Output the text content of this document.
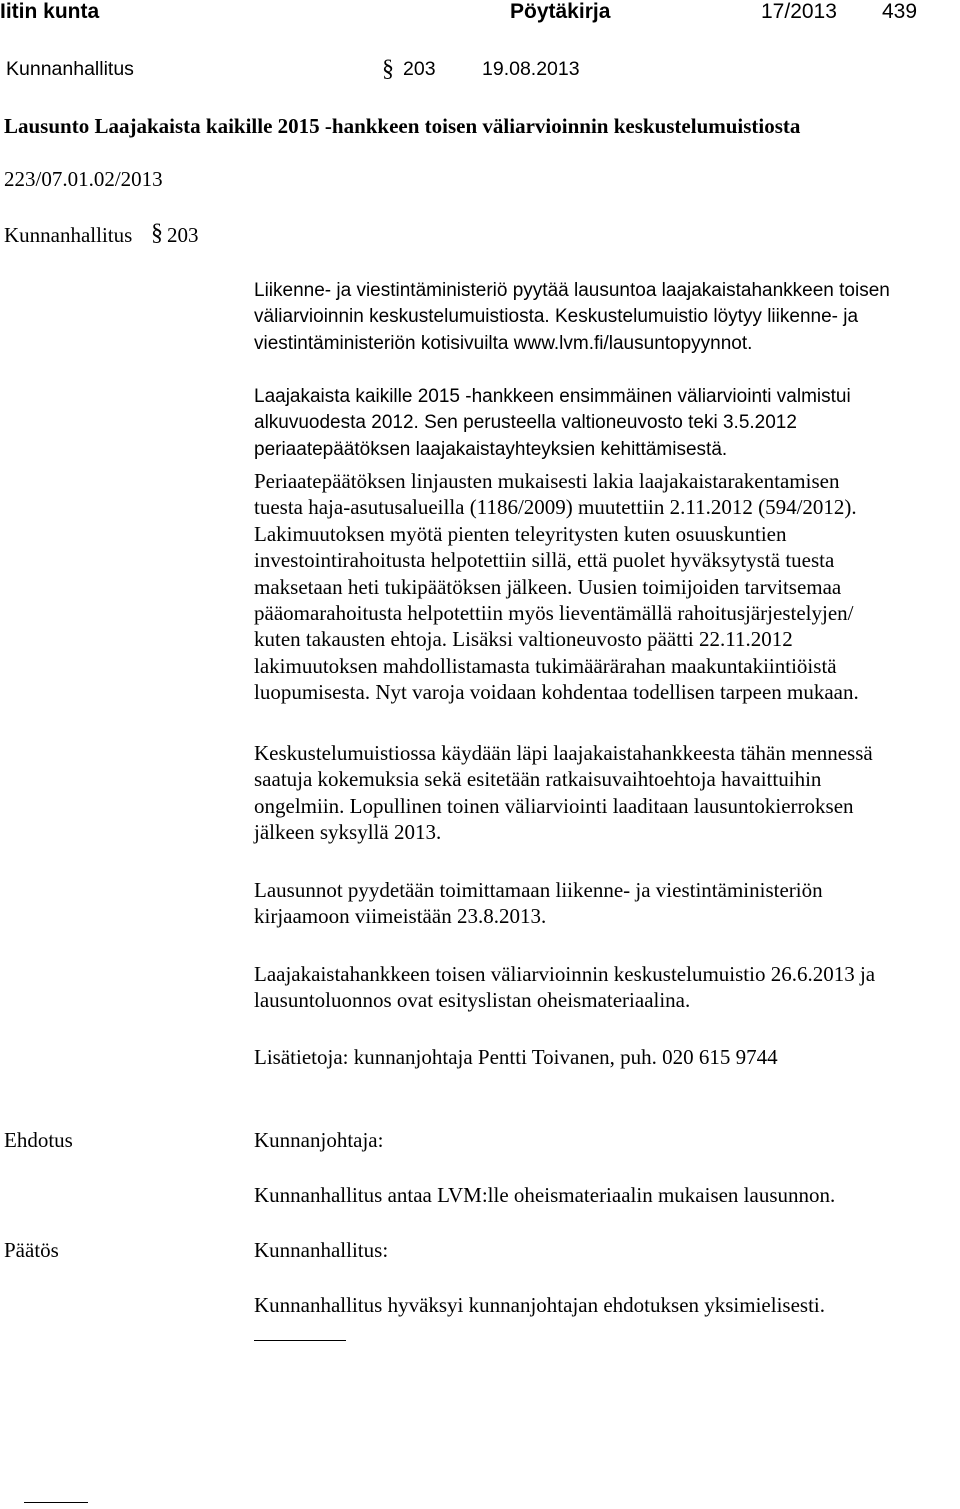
Iitin kunta	Pöytäkirja	17/2013 439
Kunnanhallitus	§ 203 19.08.2013
Lausunto Laajakaista kaikille 2015 -hankkeen toisen väliarvioinnin keskustelumuistiosta
223/07.01.02/2013
Kunnanhallitus § 203
Liikenne- ja viestintäministeriö pyytää lausuntoa laajakaistahankkeen toisen
väliarvioinnin keskustelumuistiosta. Keskustelumuistio löytyy liikenne- ja
viestintäministeriön kotisivuilta www.lvm.fi/lausuntopyynnot.
Laajakaista kaikille 2015 -hankkeen ensimmäinen väliarviointi valmistui
alkuvuodesta 2012. Sen perusteella valtioneuvosto teki 3.5.2012
periaatepäätöksen laajakaistayhteyksien kehittämisestä.
Periaatepäätöksen linjausten mukaisesti lakia laajakaistarakentamisen
tuesta haja-asutusalueilla (1186/2009) muutettiin 2.11.2012 (594/2012).
Lakimuutoksen myötä pienten teleyritysten kuten osuuskuntien
investointirahoitusta helpotettiin sillä, että puolet hyväksytystä tuesta
maksetaan heti tukipäätöksen jälkeen. Uusien toimijoiden tarvitsemaa
pääomarahoitusta helpotettiin myös lieventämällä rahoitusjärjestelyjen/
kuten takausten ehtoja. Lisäksi valtioneuvosto päätti 22.11.2012
lakimuutoksen mahdollistamasta tukimäärärahan maakuntakiintiöistä
luopumisesta. Nyt varoja voidaan kohdentaa todellisen tarpeen mukaan.
Keskustelumuistiossa käydään läpi laajakaistahankkeesta tähän mennessä
saatuja kokemuksia sekä esitetään ratkaisuvaihtoehtoja havaittuihin
ongelmiin. Lopullinen toinen väliarviointi laaditaan lausuntokierroksen
jälkeen syksyllä 2013.
Lausunnot pyydetään toimittamaan liikenne- ja viestintäministeriön
kirjaamoon viimeistään 23.8.2013.
Laajakaistahankkeen toisen väliarvioinnin keskustelumuistio 26.6.2013 ja
lausuntoluonnos ovat esityslistan oheismateriaalina.
Lisätietoja: kunnanjohtaja Pentti Toivanen, puh. 020 615 9744
Ehdotus	Kunnanjohtaja:
Kunnanhallitus antaa LVM:lle oheismateriaalin mukaisen lausunnon.
Päätös	Kunnanhallitus:
Kunnanhallitus hyväksyi kunnanjohtajan ehdotuksen yksimielisesti.
